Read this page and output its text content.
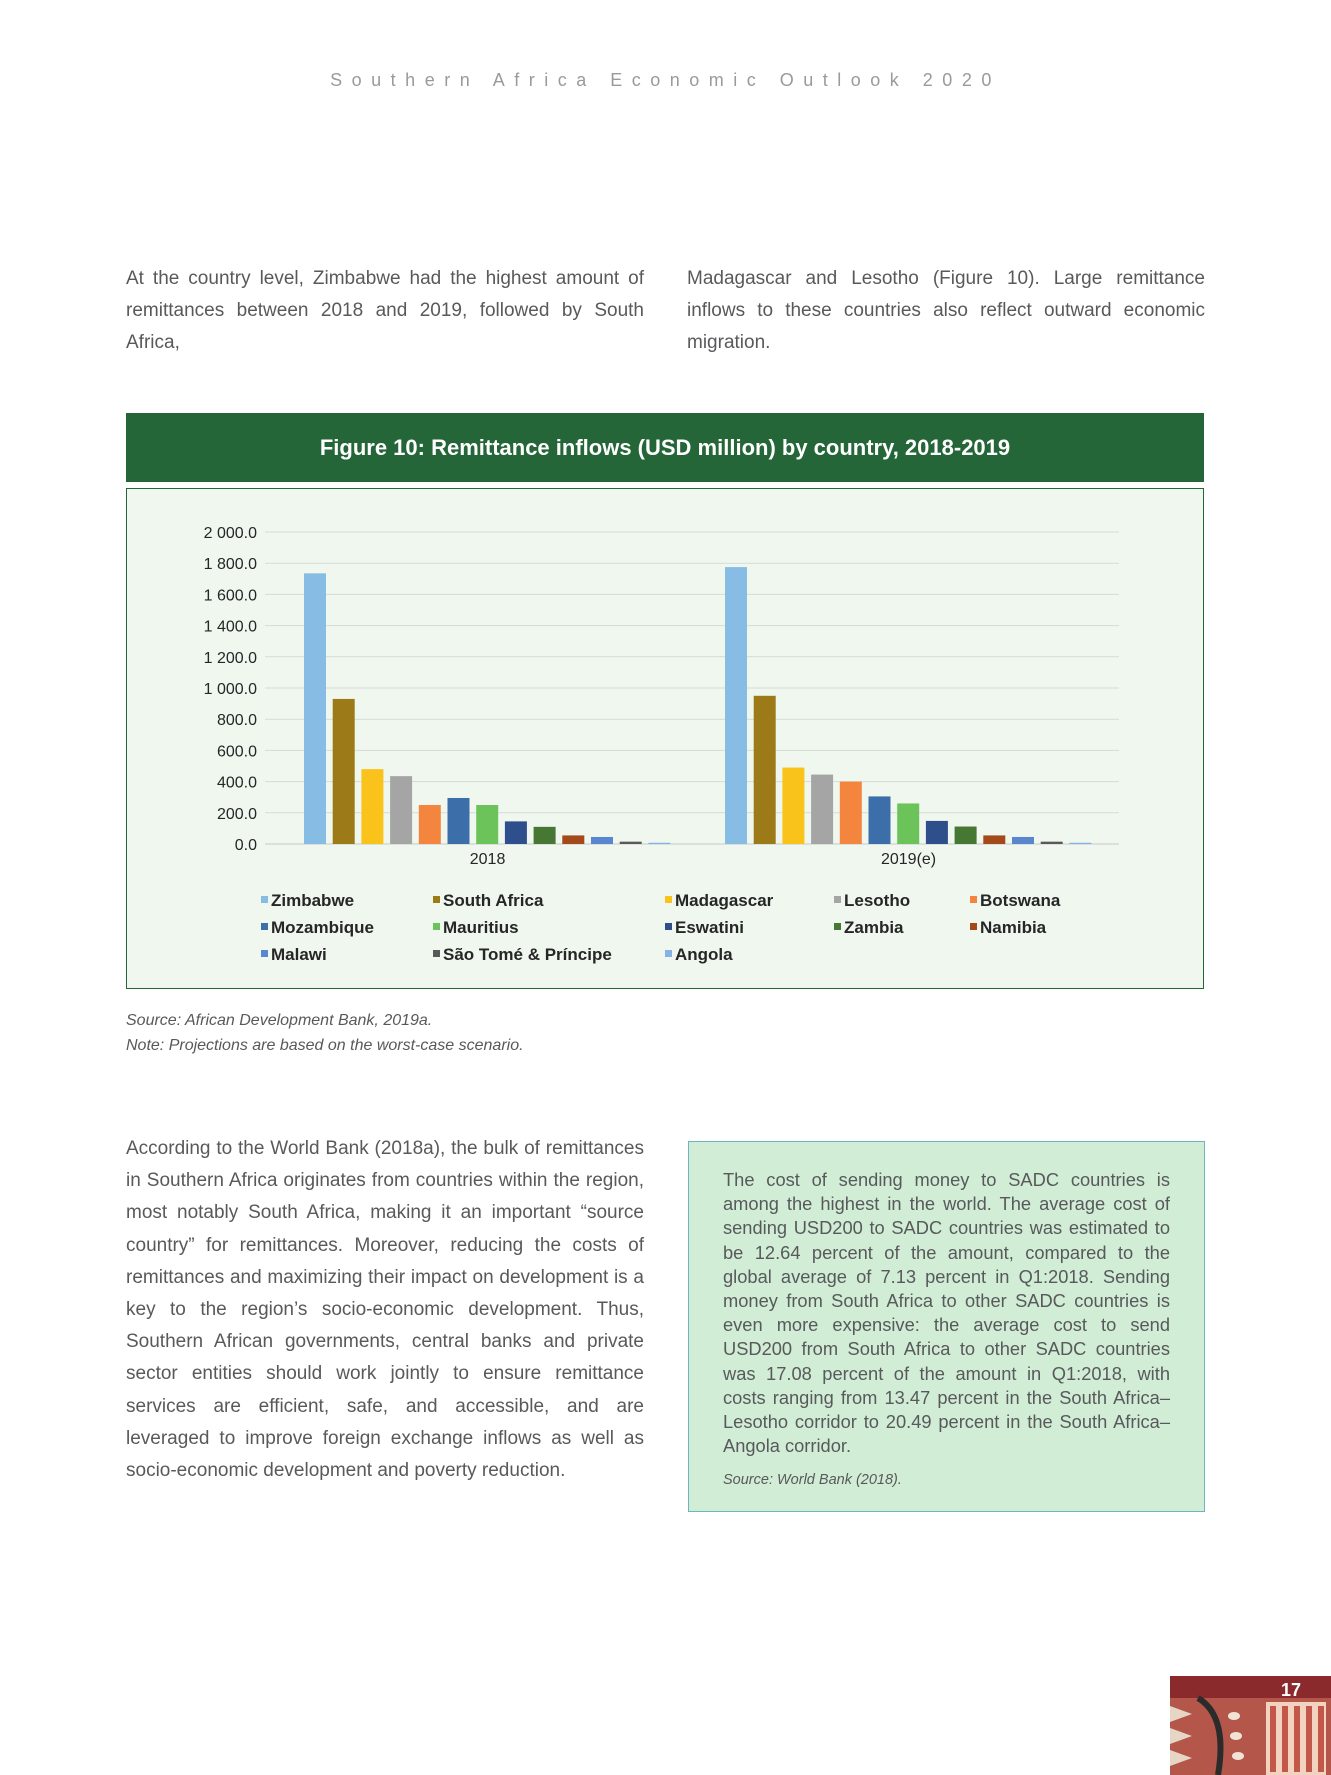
Southern Africa Economic Outlook 2020

At the country level, Zimbabwe had the highest amount of remittances between 2018 and 2019, followed by South Africa,

Madagascar and Lesotho (Figure 10). Large remittance inflows to these countries also reflect outward economic migration.

Figure 10: Remittance inflows (USD million) by country, 2018-2019
0.0
200.0
400.0
600.0
800.0
1 000.0
1 200.0
1 400.0
1 600.0
1 800.0
2 000.0
2018	2019(e)
Zimbabwe	South Africa	Madagascar	Lesotho	Botswana
Mozambique	Mauritius	Eswatini	Zambia	Namibia
Malawi	São Tomé & Príncipe	Angola
Source: African Development Bank, 2019a.
Note: Projections are based on the worst-case scenario.

According to the World Bank (2018a), the bulk of remittances in Southern Africa originates from countries within the region, most notably South Africa, making it an important “source country” for remittances. Moreover, reducing the costs of remittances and maximizing their impact on development is a key to the region’s socio-economic development. Thus, Southern African governments, central banks and private sector entities should work jointly to ensure remittance services are efficient, safe, and accessible, and are leveraged to improve foreign exchange inflows as well as socio-economic development and poverty reduction.

The cost of sending money to SADC countries is among the highest in the world. The average cost of sending USD200 to SADC countries was estimated to be 12.64 percent of the amount, compared to the global average of 7.13 percent in Q1:2018. Sending money from South Africa to other SADC countries is even more expensive: the average cost to send USD200 from South Africa to other SADC countries was 17.08 percent of the amount in Q1:2018, with costs ranging from 13.47 percent in the South Africa–Lesotho corridor to 20.49 percent in the South Africa–Angola corridor.

Source: World Bank (2018).

17
